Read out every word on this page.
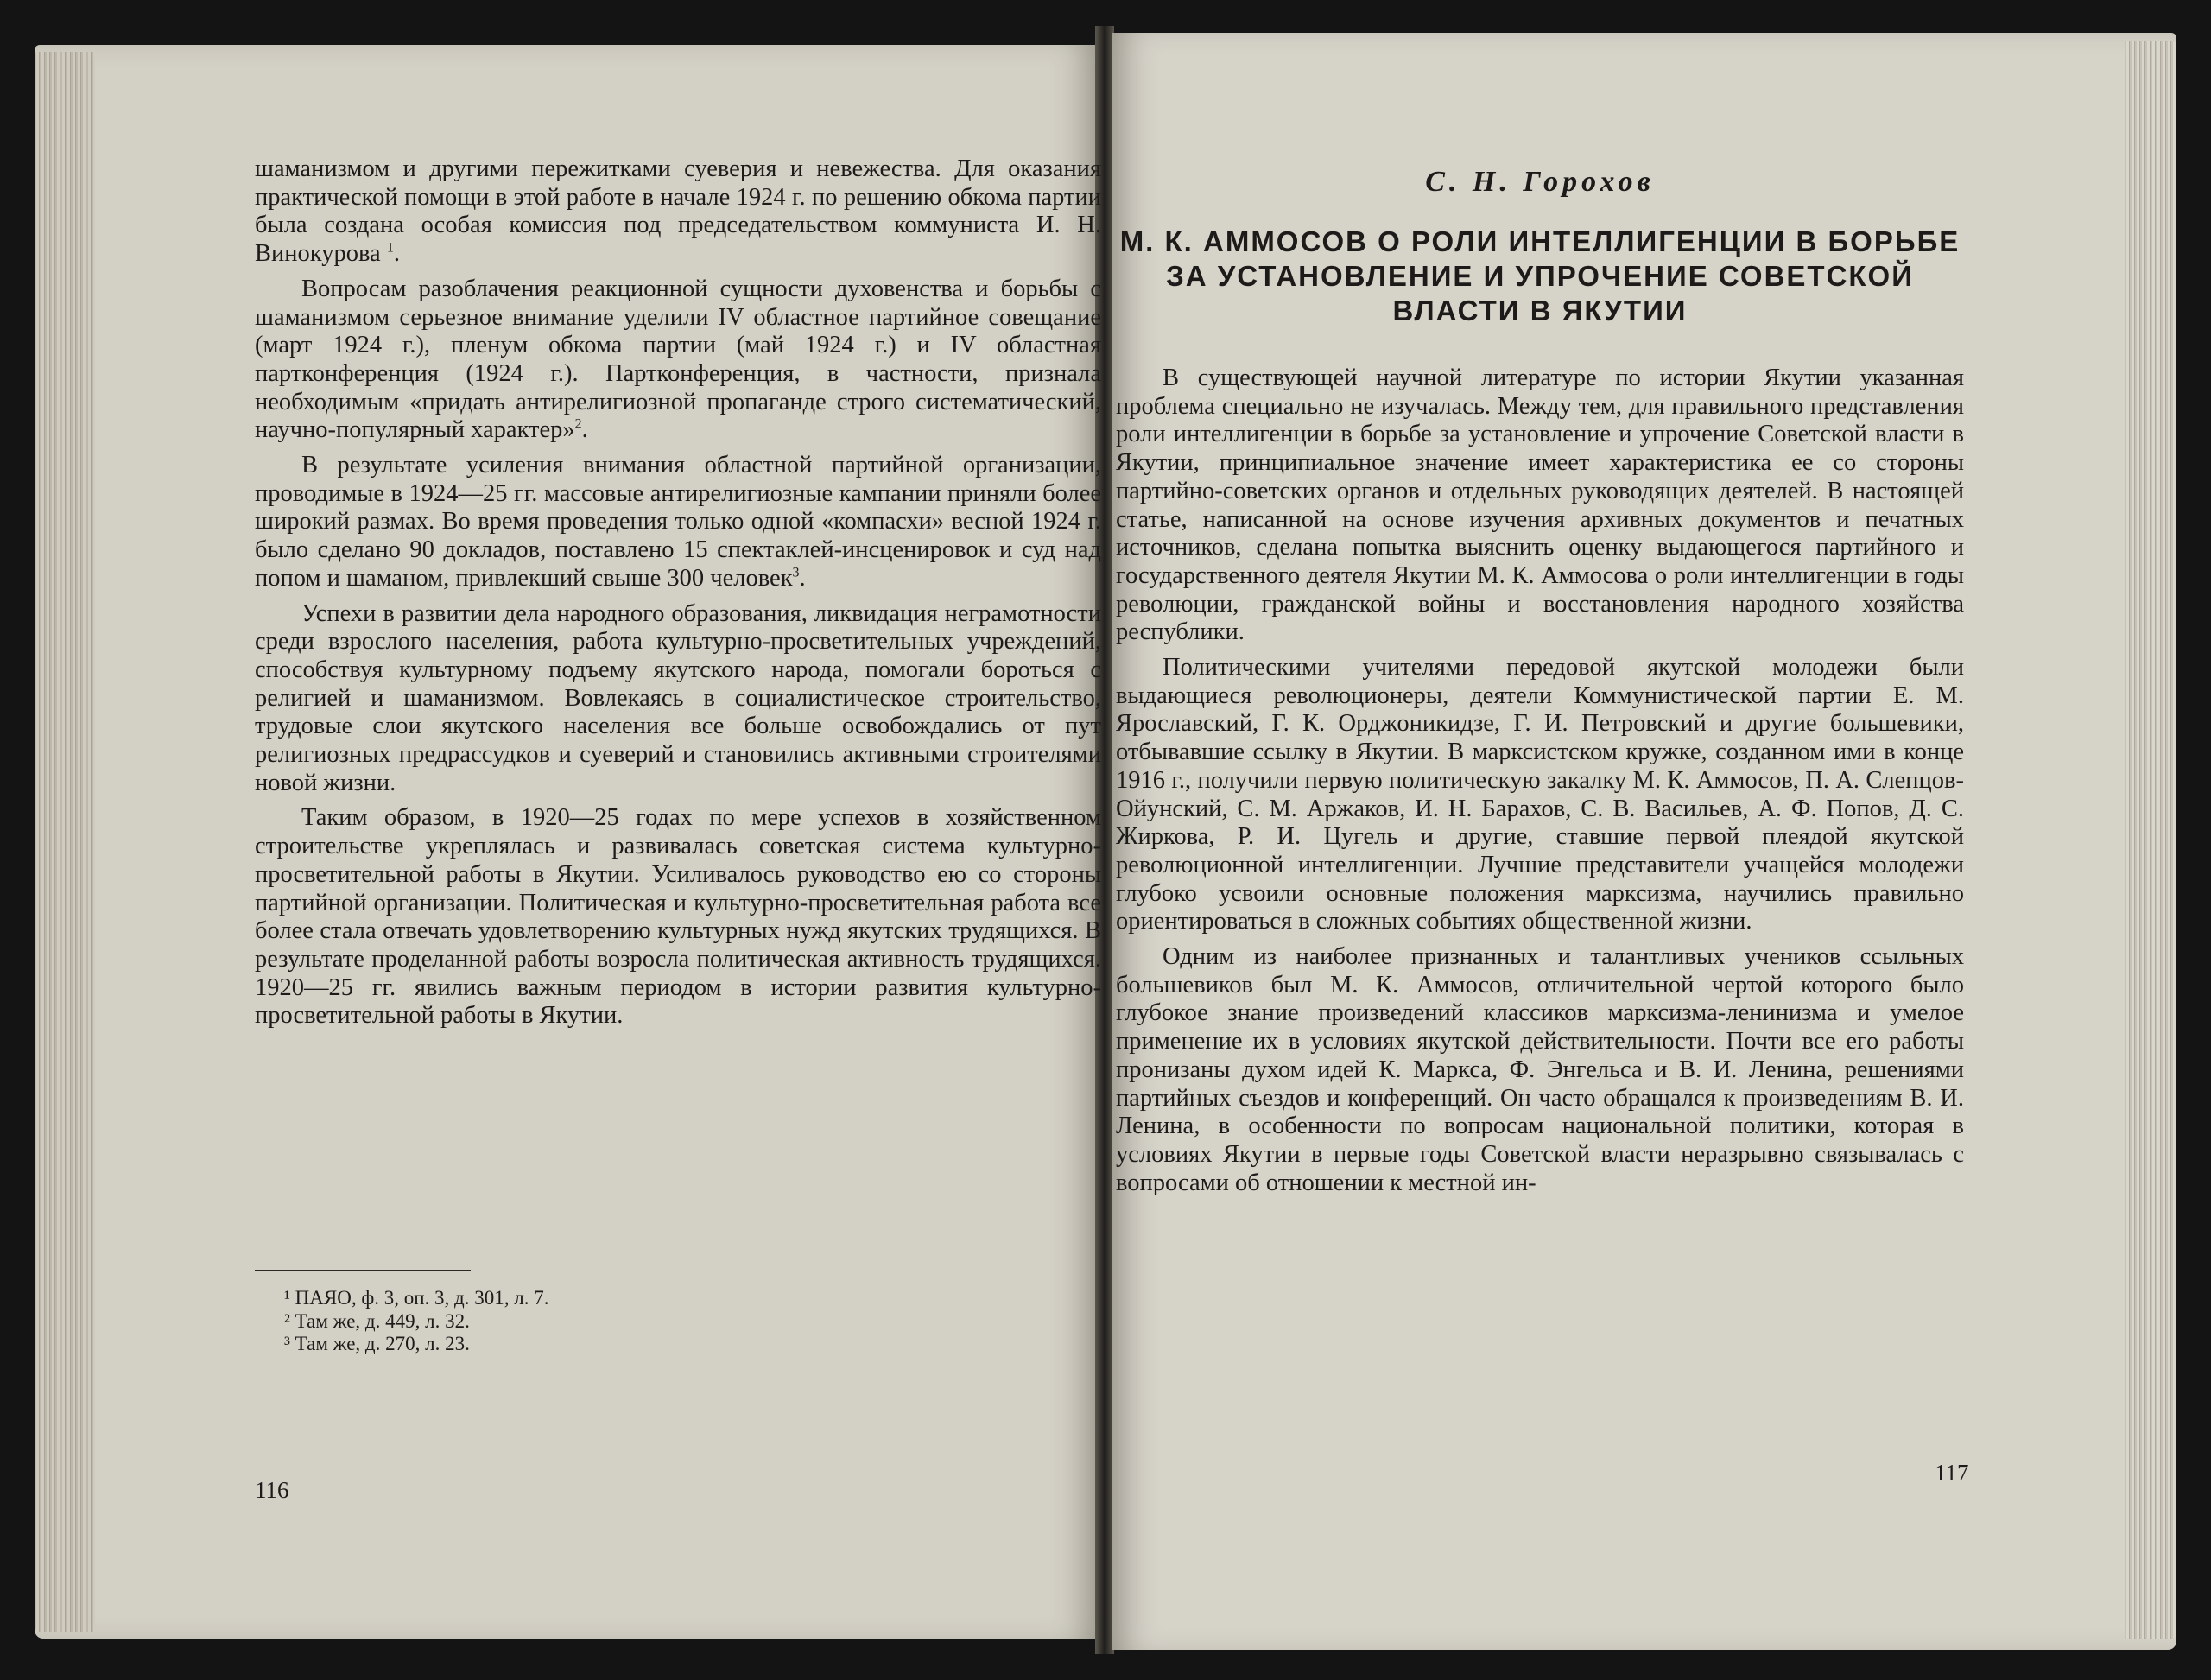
шаманизмом и другими пережитками суеверия и невежества. Для оказания практической помощи в этой работе в начале 1924 г. по решению обкома партии была создана особая комиссия под председательством коммуниста И. Н. Винокурова $^1$.

Вопросам разоблачения реакционной сущности духовенства и борьбы с шаманизмом серьезное внимание уделили IV областное партийное совещание (март 1924 г.), пленум обкома партии (май 1924 г.) и IV областная партконференция (1924 г.). Партконференция, в частности, признала необходимым «придать антирелигиозной пропаганде строго систематический, научно-популярный характер»$^2$.

В результате усиления внимания областной партийной организации, проводимые в 1924—25 гг. массовые антирелигиозные кампании приняли более широкий размах. Во время проведения только одной «компасхи» весной 1924 г. было сделано 90 докладов, поставлено 15 спектаклей-инсценировок и суд над попом и шаманом, привлекший свыше 300 человек$^3$.

Успехи в развитии дела народного образования, ликвидация неграмотности среди взрослого населения, работа культурно-просветительных учреждений, способствуя культурному подъему якутского народа, помогали бороться с религией и шаманизмом. Вовлекаясь в социалистическое строительство, трудовые слои якутского населения все больше освобождались от пут религиозных предрассудков и суеверий и становились активными строителями новой жизни.

Таким образом, в 1920—25 годах по мере успехов в хозяйственном строительстве укреплялась и развивалась советская система культурно-просветительной работы в Якутии. Усиливалось руководство ею со стороны партийной организации. Политическая и культурно-просветительная работа все более стала отвечать удовлетворению культурных нужд якутских трудящихся. В результате проделанной работы возросла политическая активность трудящихся. 1920—25 гг. явились важным периодом в истории развития культурно-просветительной работы в Якутии.

¹ ПАЯО, ф. 3, оп. 3, д. 301, л. 7.
² Там же, д. 449, л. 32.
³ Там же, д. 270, л. 23.
116
С. Н. Горохов
М. К. АММОСОВ О РОЛИ ИНТЕЛЛИГЕНЦИИ В БОРЬБЕ ЗА УСТАНОВЛЕНИЕ И УПРОЧЕНИЕ СОВЕТСКОЙ ВЛАСТИ В ЯКУТИИ

В существующей научной литературе по истории Якутии указанная проблема специально не изучалась. Между тем, для правильного представления роли интеллигенции в борьбе за установление и упрочение Советской власти в Якутии, принципиальное значение имеет характеристика ее со стороны партийно-советских органов и отдельных руководящих деятелей. В настоящей статье, написанной на основе изучения архивных документов и печатных источников, сделана попытка выяснить оценку выдающегося партийного и государственного деятеля Якутии М. К. Аммосова о роли интеллигенции в годы революции, гражданской войны и восстановления народного хозяйства республики.

Политическими учителями передовой якутской молодежи были выдающиеся революционеры, деятели Коммунистической партии Е. М. Ярославский, Г. К. Орджоникидзе, Г. И. Петровский и другие большевики, отбывавшие ссылку в Якутии. В марксистском кружке, созданном ими в конце 1916 г., получили первую политическую закалку М. К. Аммосов, П. А. Слепцов-Ойунский, С. М. Аржаков, И. Н. Барахов, С. В. Васильев, А. Ф. Попов, Д. С. Жиркова, Р. И. Цугель и другие, ставшие первой плеядой якутской революционной интеллигенции. Лучшие представители учащейся молодежи глубоко усвоили основные положения марксизма, научились правильно ориентироваться в сложных событиях общественной жизни.

Одним из наиболее признанных и талантливых учеников ссыльных большевиков был М. К. Аммосов, отличительной чертой которого было глубокое знание произведений классиков марксизма-ленинизма и умелое применение их в условиях якутской действительности. Почти все его работы пронизаны духом идей К. Маркса, Ф. Энгельса и В. И. Ленина, решениями партийных съездов и конференций. Он часто обращался к произведениям В. И. Ленина, в особенности по вопросам национальной политики, которая в условиях Якутии в первые годы Советской власти неразрывно связывалась с вопросами об отношении к местной ин-

117
